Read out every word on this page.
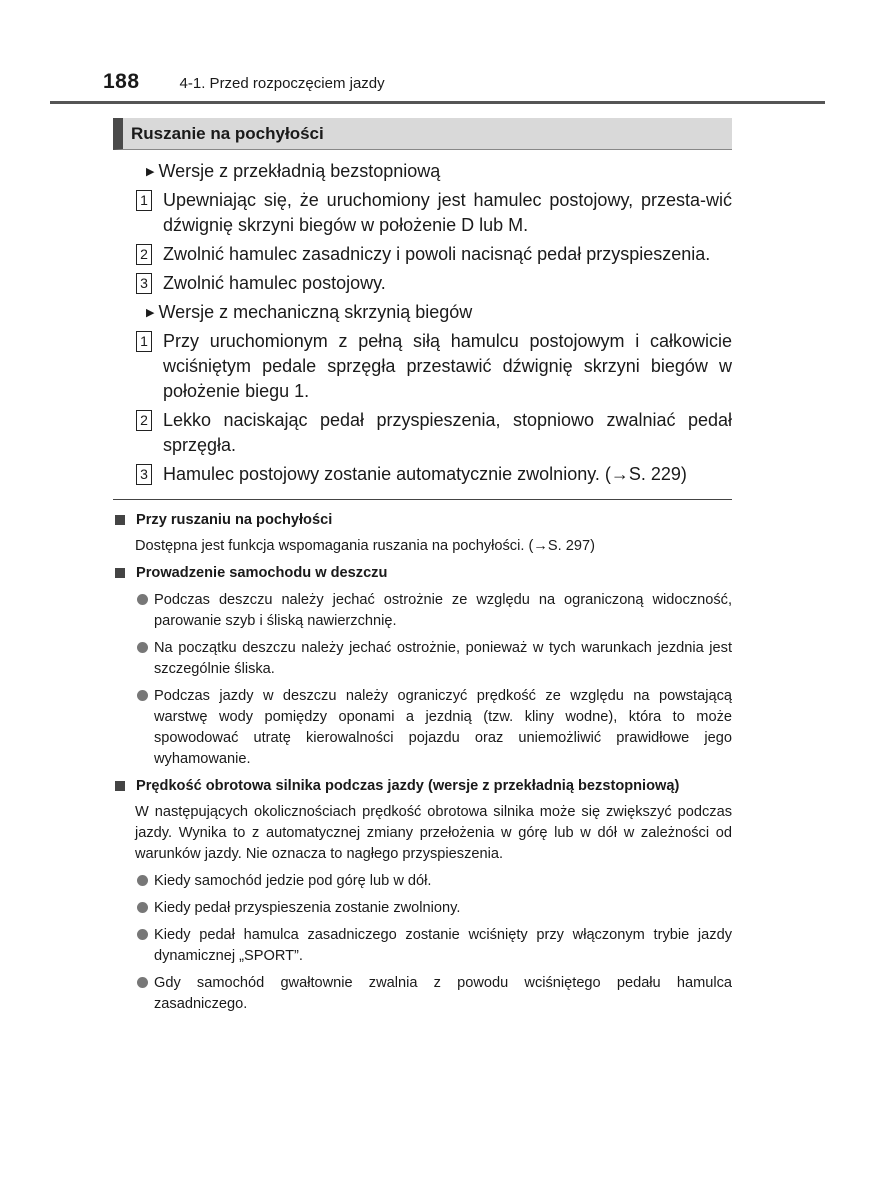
188	4-1. Przed rozpoczęciem jazdy
Ruszanie na pochyłości
▶ Wersje z przekładnią bezstopniową
1 Upewniając się, że uruchomiony jest hamulec postojowy, przesta-wić dźwignię skrzyni biegów w położenie D lub M.
2 Zwolnić hamulec zasadniczy i powoli nacisnąć pedał przyspieszenia.
3 Zwolnić hamulec postojowy.
▶ Wersje z mechaniczną skrzynią biegów
1 Przy uruchomionym z pełną siłą hamulcu postojowym i całkowicie wciśniętym pedale sprzęgła przestawić dźwignię skrzyni biegów w położenie biegu 1.
2 Lekko naciskając pedał przyspieszenia, stopniowo zwalniać pedał sprzęgła.
3 Hamulec postojowy zostanie automatycznie zwolniony. (→S. 229)
Przy ruszaniu na pochyłości
Dostępna jest funkcja wspomagania ruszania na pochyłości. (→S. 297)
Prowadzenie samochodu w deszczu
Podczas deszczu należy jechać ostrożnie ze względu na ograniczoną widoczność, parowanie szyb i śliską nawierzchnię.
Na początku deszczu należy jechać ostrożnie, ponieważ w tych warunkach jezdnia jest szczególnie śliska.
Podczas jazdy w deszczu należy ograniczyć prędkość ze względu na powstającą warstwę wody pomiędzy oponami a jezdnią (tzw. kliny wodne), która to może spowodować utratę kierowalności pojazdu oraz uniemożliwić prawidłowe jego wyhamowanie.
Prędkość obrotowa silnika podczas jazdy (wersje z przekładnią bezstopniową)
W następujących okolicznościach prędkość obrotowa silnika może się zwiększyć podczas jazdy. Wynika to z automatycznej zmiany przełożenia w górę lub w dół w zależności od warunków jazdy. Nie oznacza to nagłego przyspieszenia.
Kiedy samochód jedzie pod górę lub w dół.
Kiedy pedał przyspieszenia zostanie zwolniony.
Kiedy pedał hamulca zasadniczego zostanie wciśnięty przy włączonym trybie jazdy dynamicznej „SPORT”.
Gdy samochód gwałtownie zwalnia z powodu wciśniętego pedału hamulca zasadniczego.
